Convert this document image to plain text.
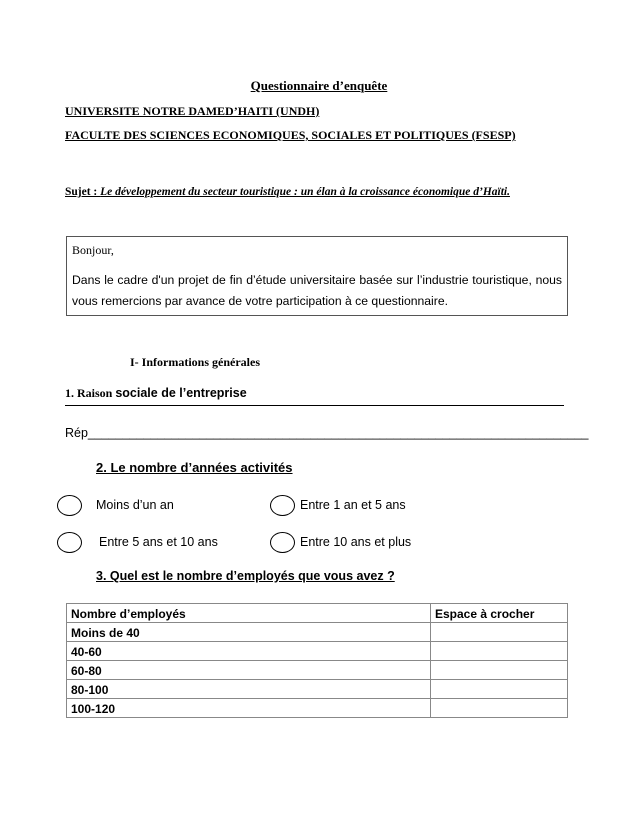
Questionnaire d’enquête
UNIVERSITE NOTRE DAMED’HAITI (UNDH)
FACULTE DES SCIENCES ECONOMIQUES, SOCIALES ET POLITIQUES (FSESP)
Sujet : Le développement du secteur touristique : un élan à la croissance économique d’Haïti.
Bonjour,
Dans le cadre d'un projet de fin d’étude universitaire basée sur l’industrie touristique, nous vous remercions par avance de votre participation à ce questionnaire.
I- Informations générales
1. Raison sociale de l’entreprise
Rép________________________________________________________________________
2. Le nombre d’années activités
Moins d’un an	Entre 1 an et 5 ans
Entre 5 ans et 10 ans	Entre 10 ans et plus
3. Quel est le nombre d’employés que vous avez ?
Nombre d’employés	Espace à crocher
Moins de 40	
40-60	
60-80	
80-100	
100-120	
